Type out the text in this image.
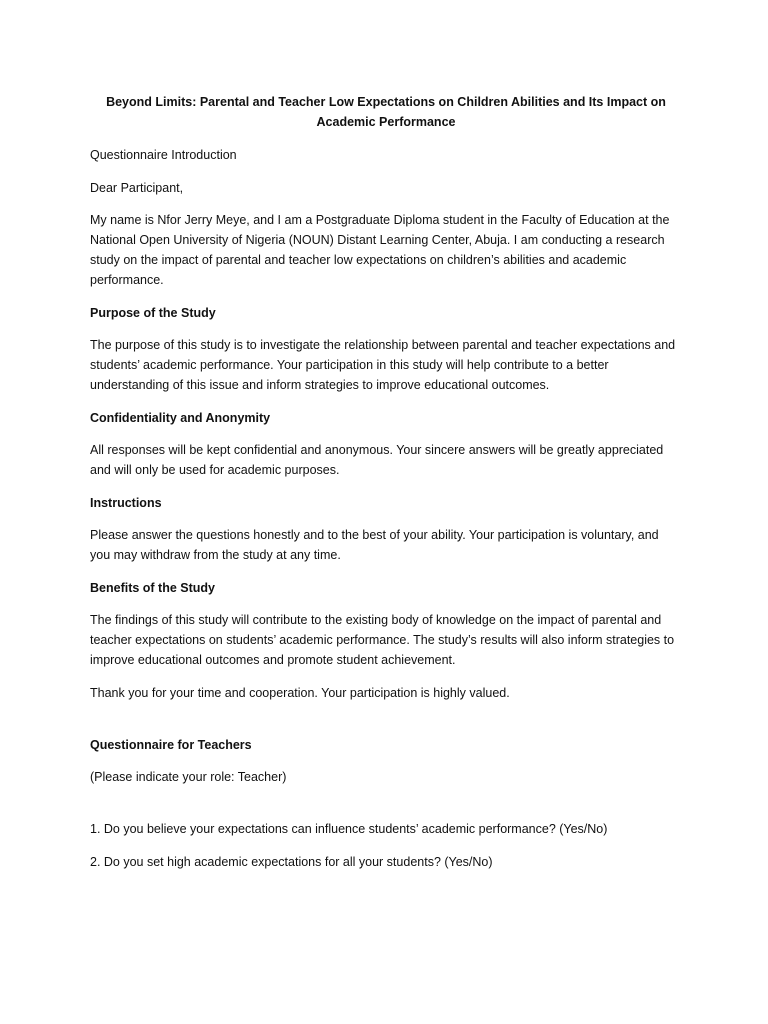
Beyond Limits: Parental and Teacher Low Expectations on Children Abilities and Its Impact on Academic Performance

Questionnaire Introduction

Dear Participant,

My name is Nfor Jerry Meye, and I am a Postgraduate Diploma student in the Faculty of Education at the National Open University of Nigeria (NOUN) Distant Learning Center, Abuja. I am conducting a research study on the impact of parental and teacher low expectations on children’s abilities and academic performance.

Purpose of the Study

The purpose of this study is to investigate the relationship between parental and teacher expectations and students’ academic performance. Your participation in this study will help contribute to a better understanding of this issue and inform strategies to improve educational outcomes.

Confidentiality and Anonymity

All responses will be kept confidential and anonymous. Your sincere answers will be greatly appreciated and will only be used for academic purposes.

Instructions

Please answer the questions honestly and to the best of your ability. Your participation is voluntary, and you may withdraw from the study at any time.

Benefits of the Study

The findings of this study will contribute to the existing body of knowledge on the impact of parental and teacher expectations on students’ academic performance. The study’s results will also inform strategies to improve educational outcomes and promote student achievement.

Thank you for your time and cooperation. Your participation is highly valued.

Questionnaire for Teachers

(Please indicate your role: Teacher)

1. Do you believe your expectations can influence students’ academic performance? (Yes/No)

2. Do you set high academic expectations for all your students? (Yes/No)
